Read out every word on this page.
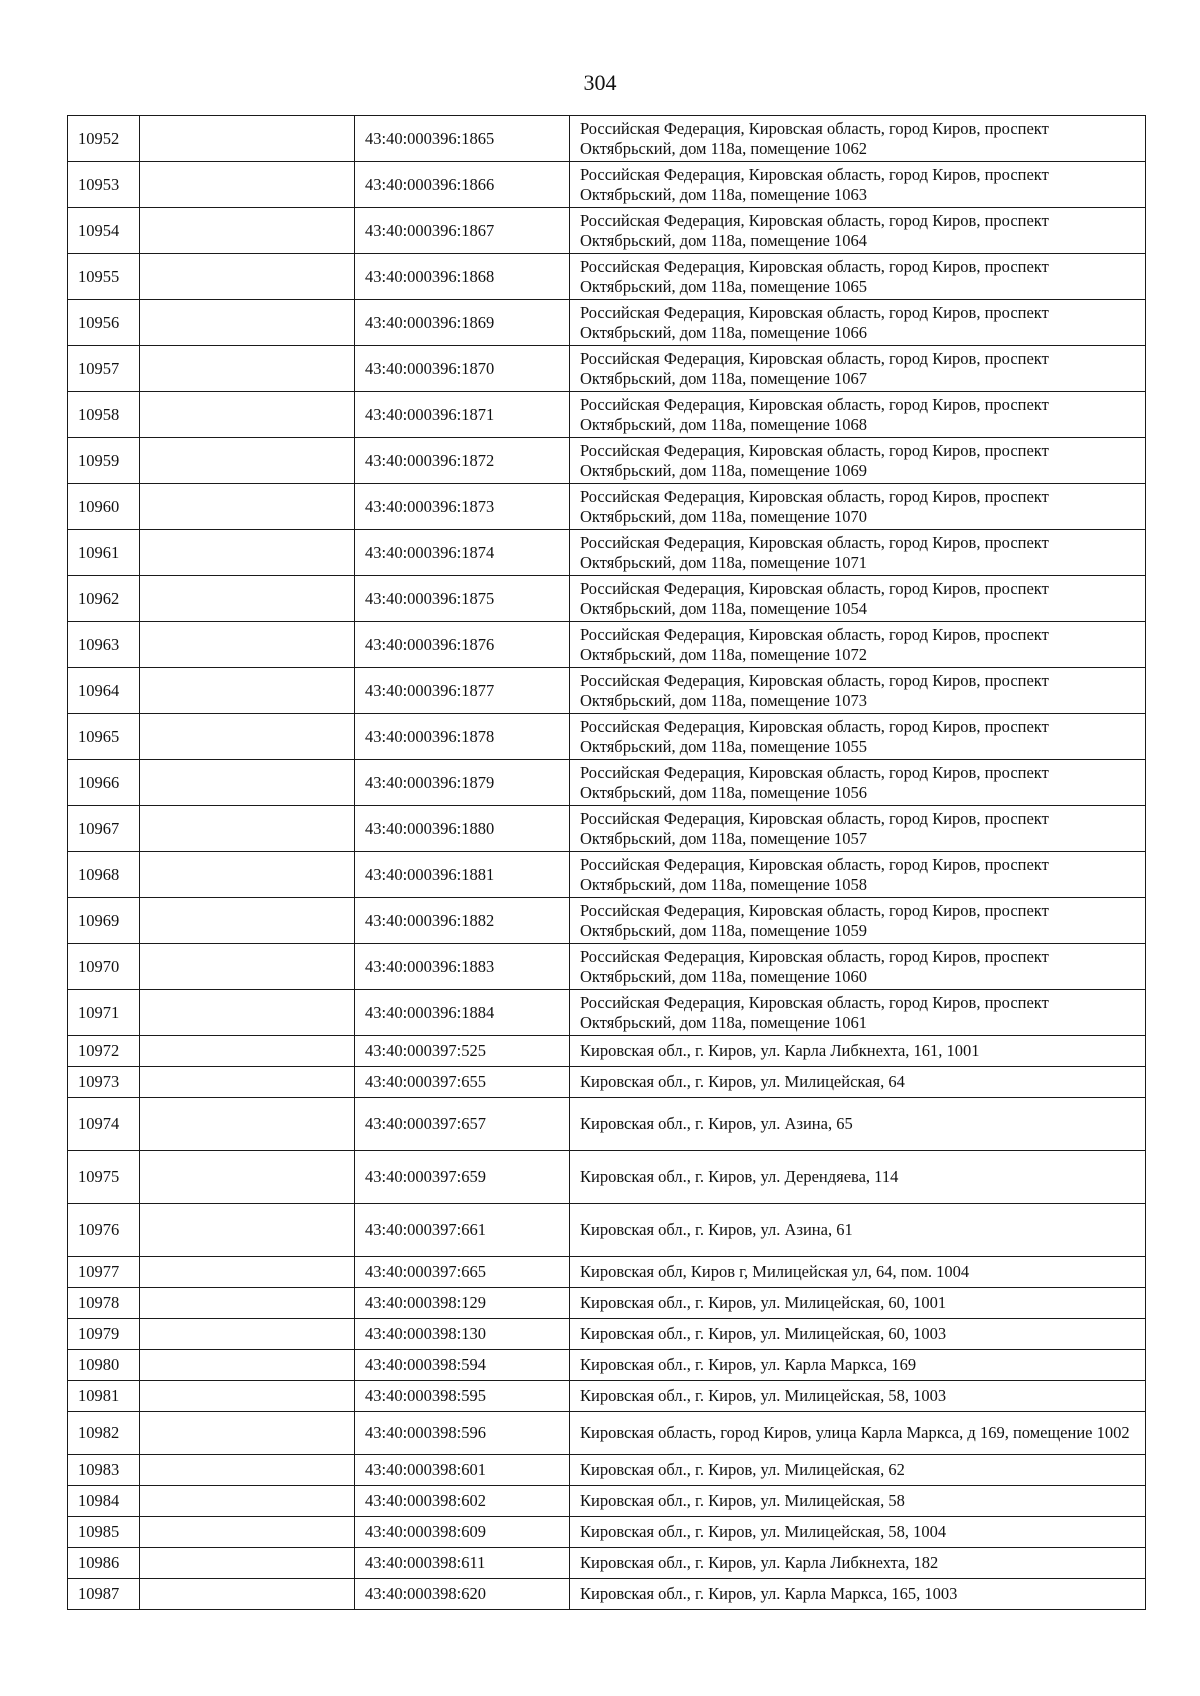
304
10952		43:40:000396:1865	Российская Федерация, Кировская область, город Киров, проспект Октябрьский, дом 118а, помещение 1062
10953		43:40:000396:1866	Российская Федерация, Кировская область, город Киров, проспект Октябрьский, дом 118а, помещение 1063
10954		43:40:000396:1867	Российская Федерация, Кировская область, город Киров, проспект Октябрьский, дом 118а, помещение 1064
10955		43:40:000396:1868	Российская Федерация, Кировская область, город Киров, проспект Октябрьский, дом 118а, помещение 1065
10956		43:40:000396:1869	Российская Федерация, Кировская область, город Киров, проспект Октябрьский, дом 118а, помещение 1066
10957		43:40:000396:1870	Российская Федерация, Кировская область, город Киров, проспект Октябрьский, дом 118а, помещение 1067
10958		43:40:000396:1871	Российская Федерация, Кировская область, город Киров, проспект Октябрьский, дом 118а, помещение 1068
10959		43:40:000396:1872	Российская Федерация, Кировская область, город Киров, проспект Октябрьский, дом 118а, помещение 1069
10960		43:40:000396:1873	Российская Федерация, Кировская область, город Киров, проспект Октябрьский, дом 118а, помещение 1070
10961		43:40:000396:1874	Российская Федерация, Кировская область, город Киров, проспект Октябрьский, дом 118а, помещение 1071
10962		43:40:000396:1875	Российская Федерация, Кировская область, город Киров, проспект Октябрьский, дом 118а, помещение 1054
10963		43:40:000396:1876	Российская Федерация, Кировская область, город Киров, проспект Октябрьский, дом 118а, помещение 1072
10964		43:40:000396:1877	Российская Федерация, Кировская область, город Киров, проспект Октябрьский, дом 118а, помещение 1073
10965		43:40:000396:1878	Российская Федерация, Кировская область, город Киров, проспект Октябрьский, дом 118а, помещение 1055
10966		43:40:000396:1879	Российская Федерация, Кировская область, город Киров, проспект Октябрьский, дом 118а, помещение 1056
10967		43:40:000396:1880	Российская Федерация, Кировская область, город Киров, проспект Октябрьский, дом 118а, помещение 1057
10968		43:40:000396:1881	Российская Федерация, Кировская область, город Киров, проспект Октябрьский, дом 118а, помещение 1058
10969		43:40:000396:1882	Российская Федерация, Кировская область, город Киров, проспект Октябрьский, дом 118а, помещение 1059
10970		43:40:000396:1883	Российская Федерация, Кировская область, город Киров, проспект Октябрьский, дом 118а, помещение 1060
10971		43:40:000396:1884	Российская Федерация, Кировская область, город Киров, проспект Октябрьский, дом 118а, помещение 1061
10972		43:40:000397:525	Кировская обл., г. Киров, ул. Карла Либкнехта, 161, 1001
10973		43:40:000397:655	Кировская обл., г. Киров, ул. Милицейская, 64
10974		43:40:000397:657	Кировская обл., г. Киров, ул. Азина, 65
10975		43:40:000397:659	Кировская обл., г. Киров, ул. Дерендяева, 114
10976		43:40:000397:661	Кировская обл., г. Киров, ул. Азина, 61
10977		43:40:000397:665	Кировская обл, Киров г, Милицейская ул, 64, пом. 1004
10978		43:40:000398:129	Кировская обл., г. Киров, ул. Милицейская, 60, 1001
10979		43:40:000398:130	Кировская обл., г. Киров, ул. Милицейская, 60, 1003
10980		43:40:000398:594	Кировская обл., г. Киров, ул. Карла Маркса, 169
10981		43:40:000398:595	Кировская обл., г. Киров, ул. Милицейская, 58, 1003
10982		43:40:000398:596	Кировская область, город Киров, улица Карла Маркса, д 169, помещение 1002
10983		43:40:000398:601	Кировская обл., г. Киров, ул. Милицейская, 62
10984		43:40:000398:602	Кировская обл., г. Киров, ул. Милицейская, 58
10985		43:40:000398:609	Кировская обл., г. Киров, ул. Милицейская, 58, 1004
10986		43:40:000398:611	Кировская обл., г. Киров, ул. Карла Либкнехта, 182
10987		43:40:000398:620	Кировская обл., г. Киров, ул. Карла Маркса, 165, 1003
